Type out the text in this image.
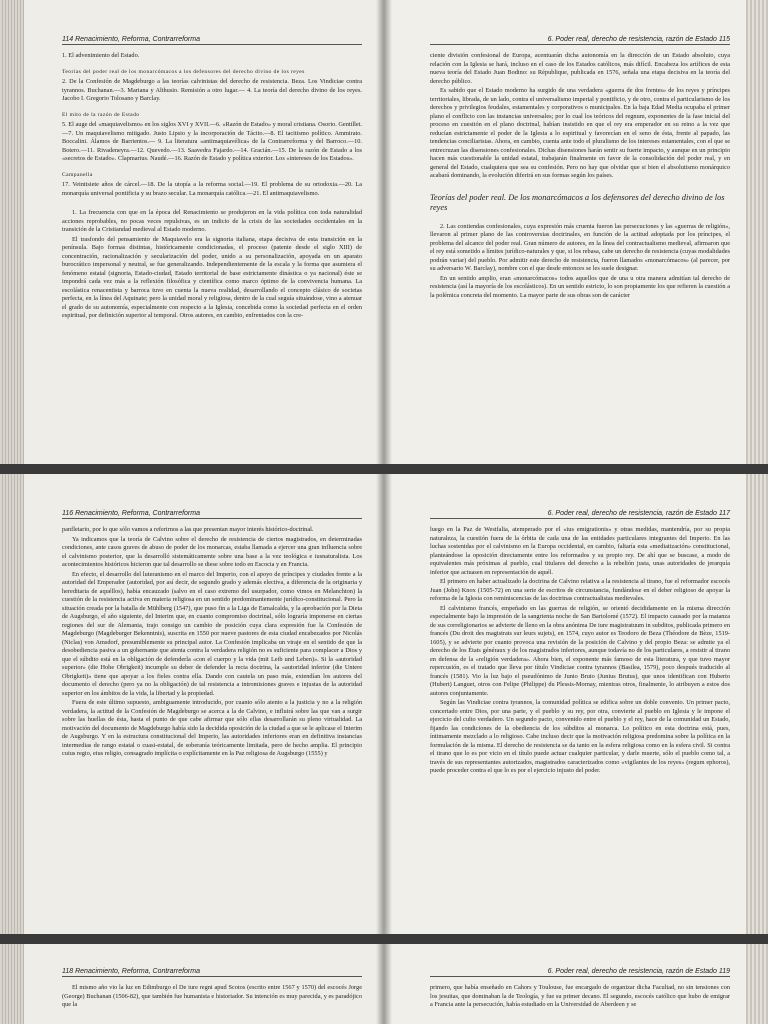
114 Renacimiento, Reforma, Contrarreforma

1. El advenimiento del Estado.

Teorías del poder real de los monarcómacos a los defensores del derecho divino de los reyes

2. De la Confesión de Magdeburgo a las teorías calvinistas del derecho de resistencia. Beza. Los Vindiciae contra tyrannos. Buchanan.—3. Mariana y Althusio. Remisión a otro lugar.— 4. La teoría del derecho divino de los reyes. Jacobo I. Gregorio Tolosano y Barclay.

El mito de la razón de Estado

5. El auge del «maquiavelismo» en los siglos XVI y XVII.—6. «Razón de Estado» y moral cristiana. Osorio. Gentillet.—7. Un maquiavelismo mitigado. Justo Lipsio y la incorporación de Tácito.—8. El tacitismo político. Ammirato. Boccalini. Álamos de Barrientos.— 9. La literatura «antimaquiavélica» de la Contrarreforma y del Barroco.—10. Botero.—11. Rivadeneyra.—12. Quevedo.—13. Saavedra Fajardo.—14. Gracián.—15. De la razón de Estado a los «secretos de Estado». Clapmarius. Naudé.—16. Razón de Estado y política exterior. Los «intereses de los Estados».

Campanella

17. Veintisiete años de cárcel.—18. De la utopía a la reforma social.—19. El problema de su ortodoxia.—20. La monarquía universal pontificia y su brazo secular. La monarquía católica.—21. El antimaquiavelismo.

1. La frecuencia con que en la época del Renacimiento se produjeron en la vida política con toda naturalidad acciones reprobables, no pocas veces repulsivas, es un indicio de la crisis de las sociedades occidentales en la transición de la Cristiandad medieval al Estado moderno.

El trasfondo del pensamiento de Maquiavelo era la signoria italiana, etapa decisiva de esta transición en la península. Bajo formas distintas, históricamente condicionadas, el proceso (patente desde el siglo XIII) de concentración, racionalización y secularización del poder, unido a su personalización, apoyada en un aparato burocrático impersonal y neutral, se fue generalizando. Independientemente de la escala y la forma que asumiera el fenómeno estatal (signoria, Estado-ciudad, Estado territorial de base estrictamente dinástica o ya nacional) éste se impondrá cada vez más a la reflexión filosófica y científica como marco óptimo de la convivencia humana. La escolástica renacentista y barroca tuvo en cuenta la nueva realidad, desarrollando el concepto clásico de societas perfecta, en la línea del Aquinate; pero la unidad moral y religiosa, dentro de la cual seguía situándose, vino a atenuar el grado de su autonomía, especialmente con respecto a la Iglesia, concebida como la sociedad perfecta en el orden espiritual, por definición superior al temporal. Otros autores, en cambio, enfrentados con la cre-

6. Poder real, derecho de resistencia, razón de Estado 115

ciente división confesional de Europa, acentuarán dicha autonomía en la dirección de un Estado absoluto, cuya relación con la Iglesia se hará, incluso en el caso de los Estados católicos, más difícil. Encabeza los artífices de esta nueva teoría del Estado Juan Bodino: su République, publicada en 1576, señala una etapa decisiva en la teoría del derecho público.

Es sabido que el Estado moderno ha surgido de una verdadera «guerra de dos frentes» de los reyes y príncipes territoriales, librada, de un lado, contra el universalismo imperial y pontificio, y de otro, contra el particularismo de los derechos y privilegios feudales, estamentales y corporativos o municipales. En la baja Edad Media ocupaba el primer plano el conflicto con las instancias universales; por lo cual los teóricos del regnum, exponentes de la fase inicial del proceso en cuestión en el plano doctrinal, habían insistido en que el rey era emperador en su reino a la vez que reducían estrictamente el poder de la Iglesia a lo espiritual y favorecían en el seno de ésta, frente al papado, las tendencias conciliaristas. Ahora, en cambio, cuenta ante todo el pluralismo de los intereses estamentales, con el que se entrecruzan las disensiones confesionales. Dichas disensiones harán sentir su fuerte impacto, y aunque en un principio hacen más cuestionable la unidad estatal, trabajarán finalmente en favor de la consolidación del poder real, y en general del Estado, cualquiera que sea su confesión. Pero no hay que olvidar que si bien el absolutismo monárquico acabará dominando, la evolución diferirá en sus formas según los países.

Teorías del poder real. De los monarcómacos a los defensores del derecho divino de los reyes

2. Las contiendas confesionales, cuya expresión más cruenta fueron las persecuciones y las «guerras de religión», llevaron al primer plano de las controversias doctrinales, en función de la actitud adoptada por los príncipes, el problema del alcance del poder real. Gran número de autores, en la línea del contractualismo medieval, afirmaron que el rey está sometido a límites jurídico-naturales y que, si los rebasa, cabe un derecho de resistencia (cuyas modalidades podrán variar) del pueblo. Por admitir este derecho de resistencia, fueron llamados «monarcómacos» (al parecer, por su adversario W. Barclay), nombre con el que desde entonces se les suele designar.

En un sentido amplio, eran «monarcómacos» todos aquellos que de una u otra manera admitían tal derecho de resistencia (así la mayoría de los escolásticos). En un sentido estricto, lo son propiamente los que refieren la cuestión a la polémica concreta del momento. La mayor parte de sus obras son de carácter

116 Renacimiento, Reforma, Contrarreforma

panfletario, por lo que sólo vamos a referirnos a las que presentan mayor interés histórico-doctrinal.

Ya indicamos que la teoría de Calvino sobre el derecho de resistencia de ciertos magistrados, en determinadas condiciones, ante casos graves de abuso de poder de los monarcas, estaba llamada a ejercer una gran influencia sobre el calvinismo posterior, que la desarrolló sistemáticamente sobre una base a la vez teológica e iusnaturalista. Los acontecimientos históricos hicieron que tal desarrollo se diese sobre todo en Escocia y en Francia.

En efecto, el desarrollo del luteranismo en el marco del Imperio, con el apoyo de príncipes y ciudades frente a la autoridad del Emperador (autoridad, por así decir, de segundo grado y además electiva, a diferencia de la originaria y hereditaria de aquéllos), había encauzado (salvo en el caso extremo del usurpador, como vimos en Melanchton) la cuestión de la resistencia activa en materia religiosa en un sentido predominantemente jurídico-constitucional. Pero la situación creada por la batalla de Mühlberg (1547), que puso fin a la Liga de Esmalcalda, y la aprobación por la Dieta de Augsburgo, el año siguiente, del Interim que, en cuanto compromiso doctrinal, sólo lograría imponerse en ciertas regiones del sur de Alemania, trajo consigo un cambio de posición cuya clara expresión fue la Confesión de Magdeburgo (Magdeburger Bekenntnis), suscrita en 1550 por nueve pastores de esta ciudad encabezados por Nicolás (Niclas) von Amsdorf, presumiblemente su principal autor. La Confesión implicaba un viraje en el sentido de que la desobediencia pasiva a un gobernante que atenta contra la verdadera religión no es suficiente para complacer a Dios y que el súbdito está en la obligación de defenderla «con el cuerpo y la vida (mit Leib und Leben)». Si la «autoridad superior» (die Hohe Obrigkeit) incumple su deber de defender la recta doctrina, la «autoridad inferior (die Untere Obrigkeit)» tiene que apoyar a los fieles contra ella. Dando con cautela un paso más, extendían los autores del documento el derecho (pero ya no la obligación) de tal resistencia a intromisiones graves e injustas de la autoridad superior en los ámbitos de la vida, la libertad y la propiedad.

Fuera de este último supuesto, ambiguamente introducido, por cuanto sólo atento a la justicia y no a la religión verdadera, la actitud de la Confesión de Magdeburgo se acerca a la de Calvino, e influirá sobre las que van a surgir sobre las huellas de ésta, hasta el punto de que cabe afirmar que sólo ellas desarrollarán su pleno virtualidad. La motivación del documento de Magdeburgo había sido la decidida oposición de la ciudad a que se le aplicase el Interim de Augsburgo. Y en la estructura constitucional del Imperio, las autoridades inferiores eran en definitiva instancias intermedias de rango estatal o cuasi-estatal, de soberanía teóricamente limitada, pero de hecho amplia. El principio cuius regio, eius religio, consagrado implícita o explícitamente en la Paz religiosa de Augsburgo (1555) y

6. Poder real, derecho de resistencia, razón de Estado 117

luego en la Paz de Westfalia, atemperado por el «ius emigrationis» y otras medidas, mantendría, por su propia naturaleza, la cuestión fuera de la órbita de cada una de las entidades particulares integrantes del Imperio. En las luchas sostenidas por el calvinismo en la Europa occidental, en cambio, faltaría esta «mediatización» constitucional, planteándose la oposición directamente entre los reformados y su propio rey. De ahí que se buscase, a modo de equivalentes más próximas al pueblo, cual titulares del derecho a la rebelión justa, unas autoridades de jerarquía inferior que actuasen en representación de aquél.

El primero en haber actualizado la doctrina de Calvino relativa a la resistencia al tirano, fue el reformador escocés Juan (John) Knox (1505-72) en una serie de escritos de circunstancia, fundándose en el deber religioso de apoyar la reforma de la Iglesia con reminiscencias de las doctrinas contractualistas medievales.

El calvinismo francés, empeñado en las guerras de religión, se orientó decididamente en la misma dirección especialmente bajo la impresión de la sangrienta noche de San Bartolomé (1572). El impacto causado por la matanza de sus correligionarios se advierte de lleno en la obra anónima De iure magistratuum in subditos, publicada primero en francés (Du droit des magistrats sur leurs sujets), en 1574, cuyo autor es Teodoro de Beza (Théodore de Bèze, 1519-1605), y se advierte por cuanto provoca una revisión de la posición de Calvino y del propio Beza: se admite ya el derecho de los États généraux y de los magistrados inferiores, aunque todavía no de los particulares, a resistir al tirano en defensa de la «religión verdadera». Ahora bien, el exponente más famoso de esta literatura, y que tuvo mayor repercusión, es el tratado que lleva por título Vindiciae contra tyrannos (Basilea, 1579), poco después traducido al francés (1581). Vio la luz bajo el pseudónimo de Junio Bruto (Junius Brutus), que unos identifican con Huberto (Hubert) Languet, otros con Felipe (Philippe) du Plessis-Mornay, mientras otros, finalmente, lo atribuyen a estos dos autores conjuntamente.

Según las Vindiciae contra tyrannos, la comunidad política se edifica sobre un doble convenio. Un primer pacto, concertado entre Dios, por una parte, y el pueblo y su rey, por otra, convierte al pueblo en Iglesia y le impone el ejercicio del culto verdadero. Un segundo pacto, convenido entre el pueblo y el rey, hace de la comunidad un Estado, fijando las condiciones de la obediencia de los súbditos al monarca. Lo político en esta doctrina está, pues, íntimamente mezclado a lo religioso. Cabe incluso decir que la motivación religiosa predomina sobre la política en la formulación de la misma. El derecho de resistencia se da tanto en la esfera religiosa como en la esfera civil. Si contra el tirano que lo es por vicio en el título puede actuar cualquier particular, y darle muerte, sólo el pueblo como tal, a través de sus representantes autorizados, magistrados caracterizados como «vigilantes de los reyes» (regum ephoros), puede proceder contra el que lo es por el ejercicio injusto del poder.

118 Renacimiento, Reforma, Contrarreforma

El mismo año vio la luz en Edimburgo el De iure regni apud Scotos (escrito entre 1567 y 1570) del escocés Jorge (George) Buchanan (1506-82), que también fue humanista e historiador. Su intención es muy parecida, y es paradójico que la

6. Poder real, derecho de resistencia, razón de Estado 119

primero, que había enseñado en Cahors y Toulouse, fue encargado de organizar dicha Facultad, no sin tensiones con los jesuitas, que dominaban la de Teología, y fue su primer decano. El segundo, escocés católico que hubo de emigrar a Francia ante la persecución, había estudiado en la Universidad de Aberdeen y se
